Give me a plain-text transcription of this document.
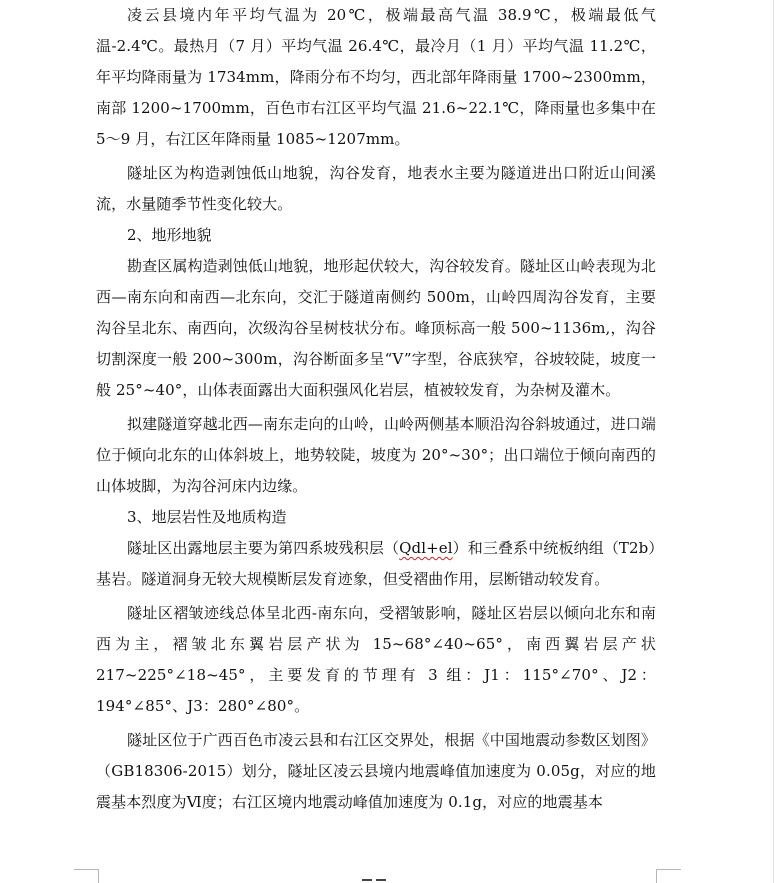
凌云县境内年平均气温为 20℃，极端最高气温 38.9℃，极端最低气温-2.4℃。最热月（7 月）平均气温 26.4℃，最冷月（1 月）平均气温 11.2℃，年平均降雨量为 1734mm，降雨分布不均匀，西北部年降雨量 1700~2300mm，南部 1200~1700mm，百色市右江区平均气温 21.6~22.1℃，降雨量也多集中在 5～9 月，右江区年降雨量 1085~1207mm。

隧址区为构造剥蚀低山地貌，沟谷发育，地表水主要为隧道进出口附近山间溪流，水量随季节性变化较大。

2、地形地貌

勘查区属构造剥蚀低山地貌，地形起伏较大，沟谷较发育。隧址区山岭表现为北西—南东向和南西—北东向，交汇于隧道南侧约 500m，山岭四周沟谷发育，主要沟谷呈北东、南西向，次级沟谷呈树枝状分布。峰顶标高一般 500~1136m,，沟谷切割深度一般 200~300m，沟谷断面多呈“V”字型，谷底狭窄，谷坡较陡，坡度一般 25°~40°，山体表面露出大面积强风化岩层，植被较发育，为杂树及灌木。

拟建隧道穿越北西—南东走向的山岭，山岭两侧基本顺沿沟谷斜坡通过，进口端位于倾向北东的山体斜坡上，地势较陡，坡度为 20°~30°；出口端位于倾向南西的山体坡脚，为沟谷河床内边缘。

3、地层岩性及地质构造

隧址区出露地层主要为第四系坡残积层（Qdl+el）和三叠系中统板纳组（T2b）基岩。隧道洞身无较大规模断层发育迹象，但受褶曲作用，层断错动较发育。

隧址区褶皱迹线总体呈北西-南东向，受褶皱影响，隧址区岩层以倾向北东和南西为主，褶皱北东翼岩层产状为 15~68°∠40~65°，南西翼岩层产状 217~225°∠18~45°，主要发育的节理有 3 组：J1：115°∠70°、J2：194°∠85°、J3：280°∠80°。

隧址区位于广西百色市凌云县和右江区交界处，根据《中国地震动参数区划图》（GB18306-2015）划分，隧址区凌云县境内地震峰值加速度为 0.05g，对应的地震基本烈度为Ⅵ度；右江区境内地震动峰值加速度为 0.1g，对应的地震基本
